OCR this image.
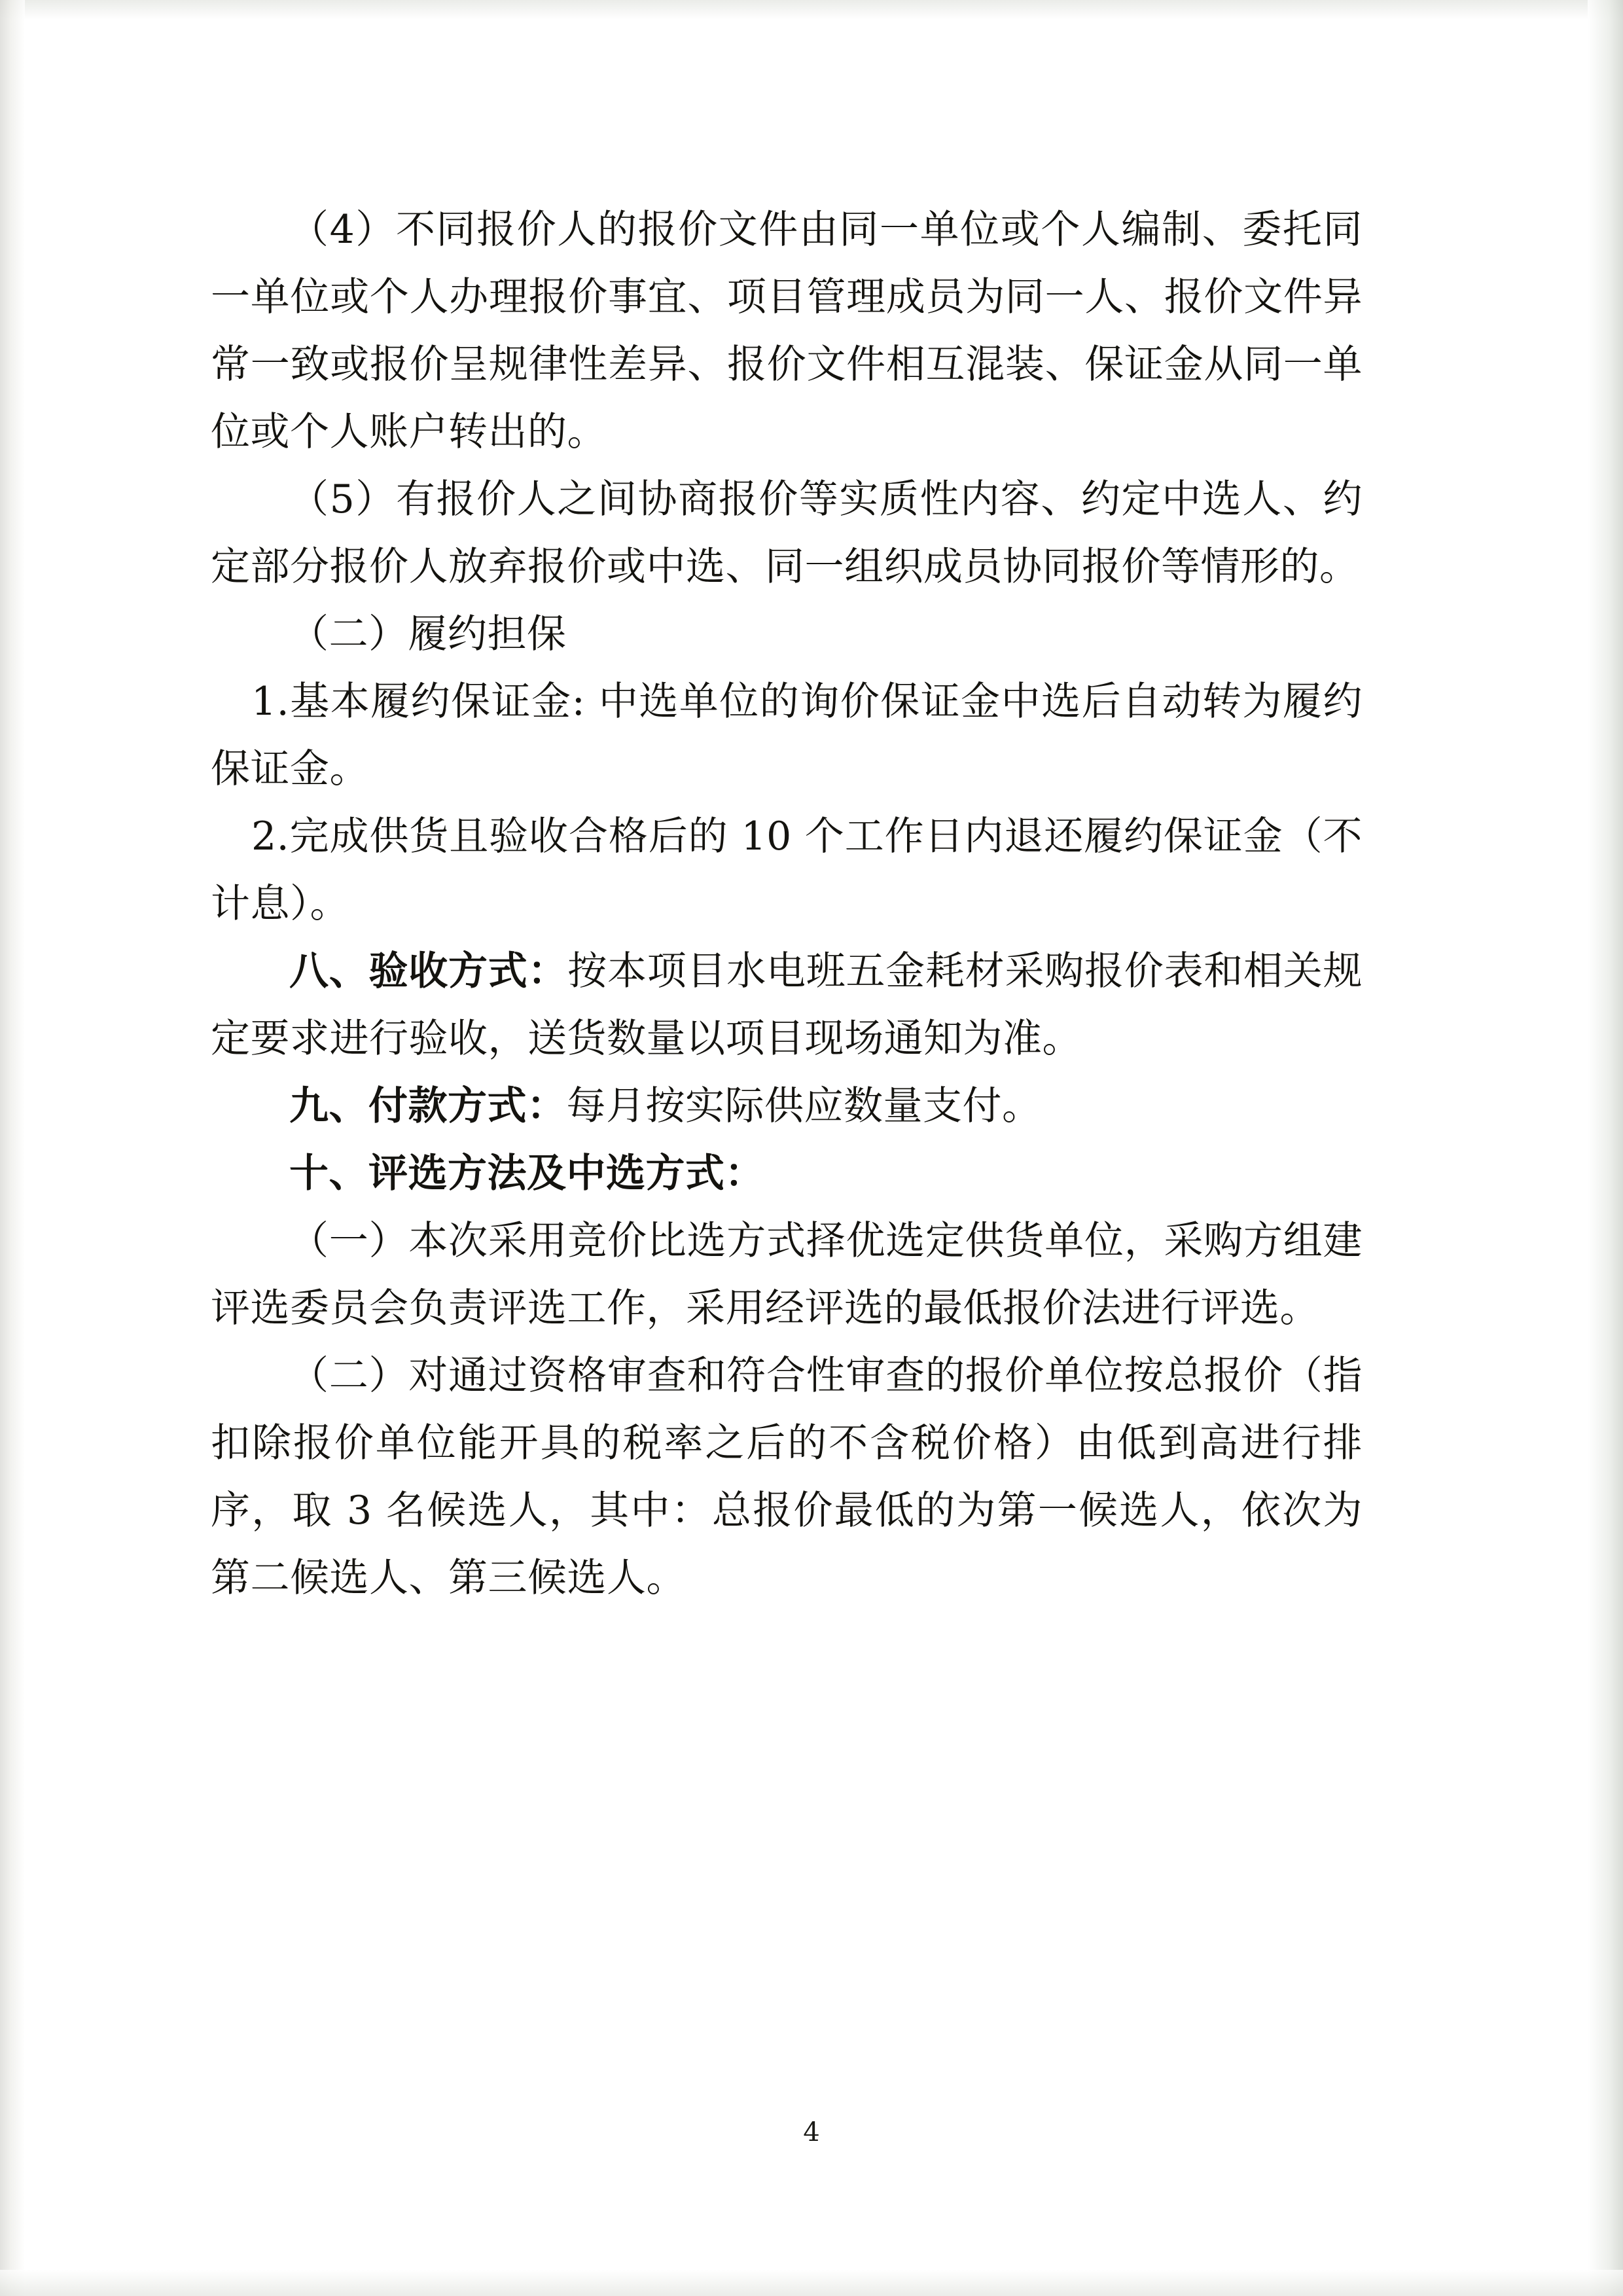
（4）不同报价人的报价文件由同一单位或个人编制、委托同一单位或个人办理报价事宜、项目管理成员为同一人、报价文件异常一致或报价呈规律性差异、报价文件相互混装、保证金从同一单位或个人账户转出的。

（5）有报价人之间协商报价等实质性内容、约定中选人、约定部分报价人放弃报价或中选、同一组织成员协同报价等情形的。

（二）履约担保

1.基本履约保证金: 中选单位的询价保证金中选后自动转为履约保证金。

2.完成供货且验收合格后的 10 个工作日内退还履约保证金（不计息）。

八、验收方式：按本项目水电班五金耗材采购报价表和相关规定要求进行验收，送货数量以项目现场通知为准。

九、付款方式：每月按实际供应数量支付。

十、评选方法及中选方式：

（一）本次采用竞价比选方式择优选定供货单位，采购方组建评选委员会负责评选工作，采用经评选的最低报价法进行评选。

（二）对通过资格审查和符合性审查的报价单位按总报价（指扣除报价单位能开具的税率之后的不含税价格）由低到高进行排序，取 3 名候选人，其中：总报价最低的为第一候选人，依次为第二候选人、第三候选人。

4
